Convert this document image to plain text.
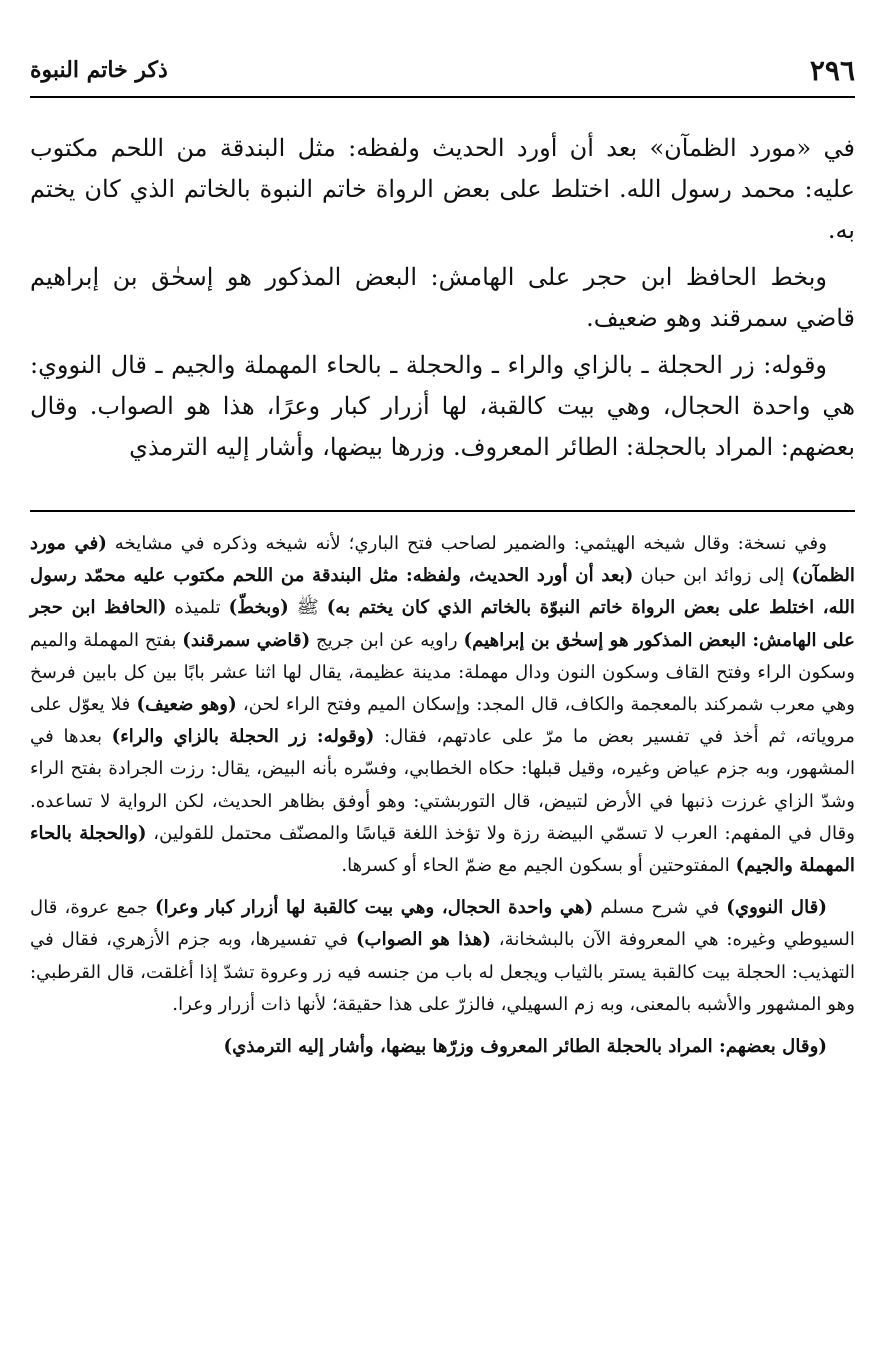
٢٩٦
ذكر خاتم النبوة

في «مورد الظمآن» بعد أن أورد الحديث ولفظه: مثل البندقة من اللحم مكتوب عليه: محمد رسول الله. اختلط على بعض الرواة خاتم النبوة بالخاتم الذي كان يختم به.

وبخط الحافظ ابن حجر على الهامش: البعض المذكور هو إسحٰق بن إبراهيم قاضي سمرقند وهو ضعيف.

وقوله: زر الحجلة ـ بالزاي والراء ـ والحجلة ـ بالحاء المهملة والجيم ـ قال النووي: هي واحدة الحجال، وهي بيت كالقبة، لها أزرار كبار وعرًا، هذا هو الصواب. وقال بعضهم: المراد بالحجلة: الطائر المعروف. وزرها بيضها، وأشار إليه الترمذي

وفي نسخة: وقال شيخه الهيثمي: والضمير لصاحب فتح الباري؛ لأنه شيخه وذكره في مشايخه (في مورد الظمآن) إلى زوائد ابن حبان (بعد أن أورد الحديث، ولفظه: مثل البندقة من اللحم مكتوب عليه محمّد رسول الله، اختلط على بعض الرواة خاتم النبوّة بالخاتم الذي كان يختم به) ﷺ (وبخطّ) تلميذه (الحافظ ابن حجر على الهامش: البعض المذكور هو إسحٰق بن إبراهيم) راويه عن ابن جريج (قاضي سمرقند) بفتح المهملة والميم وسكون الراء وفتح القاف وسكون النون ودال مهملة: مدينة عظيمة، يقال لها اثنا عشر بابًا بين كل بابين فرسخ وهي معرب شمركند بالمعجمة والكاف، قال المجد: وإسكان الميم وفتح الراء لحن، (وهو ضعيف) فلا يعوّل على مروياته، ثم أخذ في تفسير بعض ما مرّ على عادتهم، فقال: (وقوله: زر الحجلة بالزاي والراء) بعدها في المشهور، وبه جزم عياض وغيره، وقيل قبلها: حكاه الخطابي، وفسّره بأنه البيض، يقال: رزت الجرادة بفتح الراء وشدّ الزاي غرزت ذنبها في الأرض لتبيض، قال التوربشتي: وهو أوفق بظاهر الحديث، لكن الرواية لا تساعده. وقال في المفهم: العرب لا تسمّي البيضة رزة ولا تؤخذ اللغة قياسًا والمصنّف محتمل للقولين، (والحجلة بالحاء المهملة والجيم) المفتوحتين أو بسكون الجيم مع ضمّ الحاء أو كسرها.

(قال النووي) في شرح مسلم (هي واحدة الحجال، وهي بيت كالقبة لها أزرار كبار وعرا) جمع عروة، قال السيوطي وغيره: هي المعروفة الآن بالبشخانة، (هذا هو الصواب) في تفسيرها، وبه جزم الأزهري، فقال في التهذيب: الحجلة بيت كالقبة يستر بالثياب ويجعل له باب من جنسه فيه زر وعروة تشدّ إذا أغلقت، قال القرطبي: وهو المشهور والأشبه بالمعنى، وبه زم السهيلي، فالزرّ على هذا حقيقة؛ لأنها ذات أزرار وعرا.

(وقال بعضهم: المراد بالحجلة الطائر المعروف وزرّها بيضها، وأشار إليه الترمذي)
